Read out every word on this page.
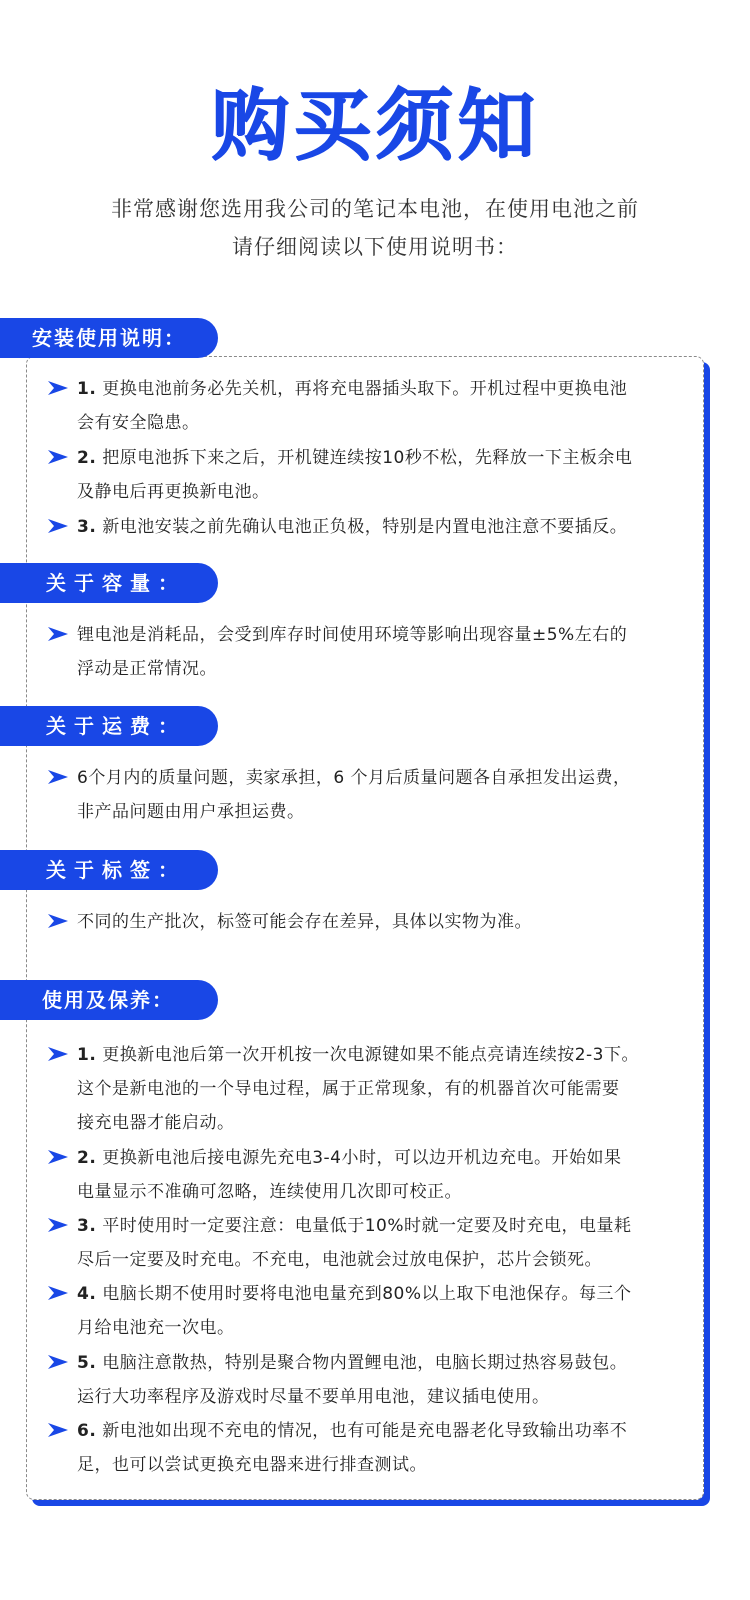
购买须知
非常感谢您选用我公司的笔记本电池，在使用电池之前
请仔细阅读以下使用说明书：
安装使用说明：
1. 更换电池前务必先关机，再将充电器插头取下。开机过程中更换电池
会有安全隐患。
2. 把原电池拆下来之后，开机键连续按10秒不松，先释放一下主板余电
及静电后再更换新电池。
3. 新电池安装之前先确认电池正负极，特别是内置电池注意不要插反。
关于容量：
锂电池是消耗品，会受到库存时间使用环境等影响出现容量±5%左右的
浮动是正常情况。
关于运费：
6个月内的质量问题，卖家承担，6 个月后质量问题各自承担发出运费，
非产品问题由用户承担运费。
关于标签：
不同的生产批次，标签可能会存在差异，具体以实物为准。
使用及保养：
1. 更换新电池后第一次开机按一次电源键如果不能点亮请连续按2-3下。
这个是新电池的一个导电过程，属于正常现象，有的机器首次可能需要
接充电器才能启动。
2. 更换新电池后接电源先充电3-4小时，可以边开机边充电。开始如果
电量显示不准确可忽略，连续使用几次即可校正。
3. 平时使用时一定要注意：电量低于10%时就一定要及时充电，电量耗
尽后一定要及时充电。不充电，电池就会过放电保护，芯片会锁死。
4. 电脑长期不使用时要将电池电量充到80%以上取下电池保存。每三个
月给电池充一次电。
5. 电脑注意散热，特别是聚合物内置鲤电池，电脑长期过热容易鼓包。
运行大功率程序及游戏时尽量不要单用电池，建议插电使用。
6. 新电池如出现不充电的情况，也有可能是充电器老化导致输出功率不
足，也可以尝试更换充电器来进行排查测试。
